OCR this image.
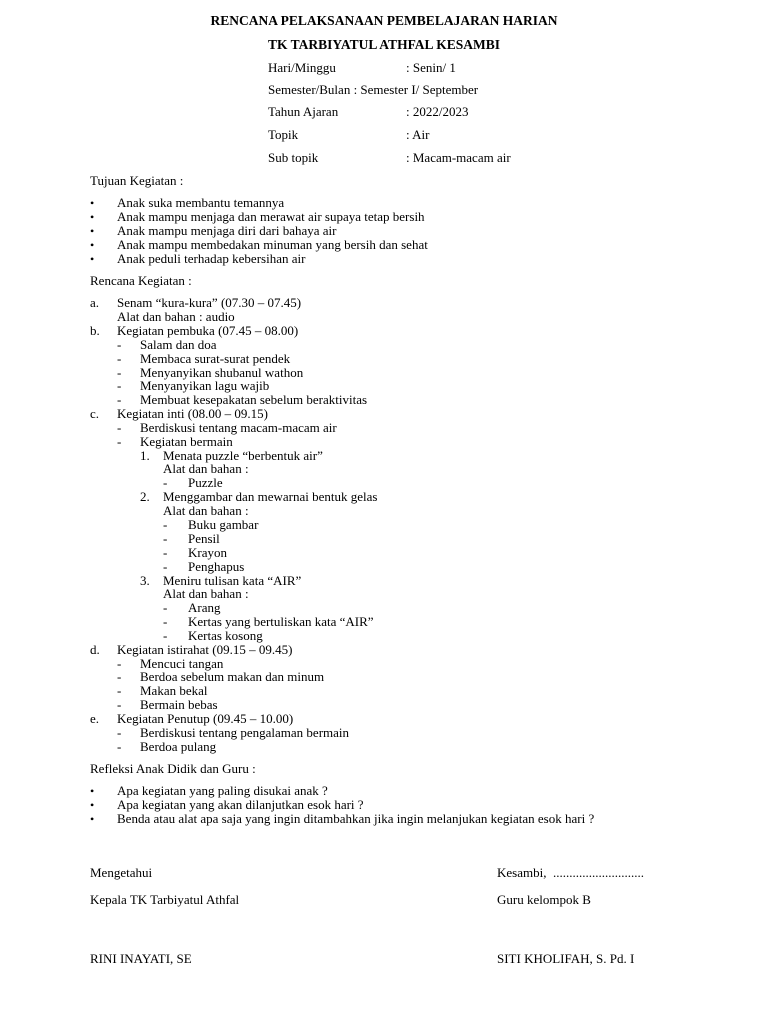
RENCANA PELAKSANAAN PEMBELAJARAN HARIAN
TK TARBIYATUL ATHFAL KESAMBI
Hari/Minggu	: Senin/ 1
Semester/Bulan : Semester I/ September
Tahun Ajaran	: 2022/2023
Topik	: Air
Sub topik	: Macam-macam air
Tujuan Kegiatan :
• Anak suka membantu temannya
• Anak mampu menjaga dan merawat air supaya tetap bersih
• Anak mampu menjaga diri dari bahaya air
• Anak mampu membedakan minuman yang bersih dan sehat
• Anak peduli terhadap kebersihan air
Rencana Kegiatan :
a. Senam “kura-kura” (07.30 – 07.45)
Alat dan bahan : audio
b. Kegiatan pembuka (07.45 – 08.00)
- Salam dan doa
- Membaca surat-surat pendek
- Menyanyikan shubanul wathon
- Menyanyikan lagu wajib
- Membuat kesepakatan sebelum beraktivitas
c. Kegiatan inti (08.00 – 09.15)
- Berdiskusi tentang macam-macam air
- Kegiatan bermain
1. Menata puzzle “berbentuk air”
Alat dan bahan :
- Puzzle
2. Menggambar dan mewarnai bentuk gelas
Alat dan bahan :
- Buku gambar
- Pensil
- Krayon
- Penghapus
3. Meniru tulisan kata “AIR”
Alat dan bahan :
- Arang
- Kertas yang bertuliskan kata “AIR”
- Kertas kosong
d. Kegiatan istirahat (09.15 – 09.45)
- Mencuci tangan
- Berdoa sebelum makan dan minum
- Makan bekal
- Bermain bebas
e. Kegiatan Penutup (09.45 – 10.00)
- Berdiskusi tentang pengalaman bermain
- Berdoa pulang
Refleksi Anak Didik dan Guru :
• Apa kegiatan yang paling disukai anak ?
• Apa kegiatan yang akan dilanjutkan esok hari ?
• Benda atau alat apa saja yang ingin ditambahkan jika ingin melanjukan kegiatan esok hari ?
Mengetahui
Kepala TK Tarbiyatul Athfal
RINI INAYATI, SE
Kesambi, ............................
Guru kelompok B
SITI KHOLIFAH, S. Pd. I
